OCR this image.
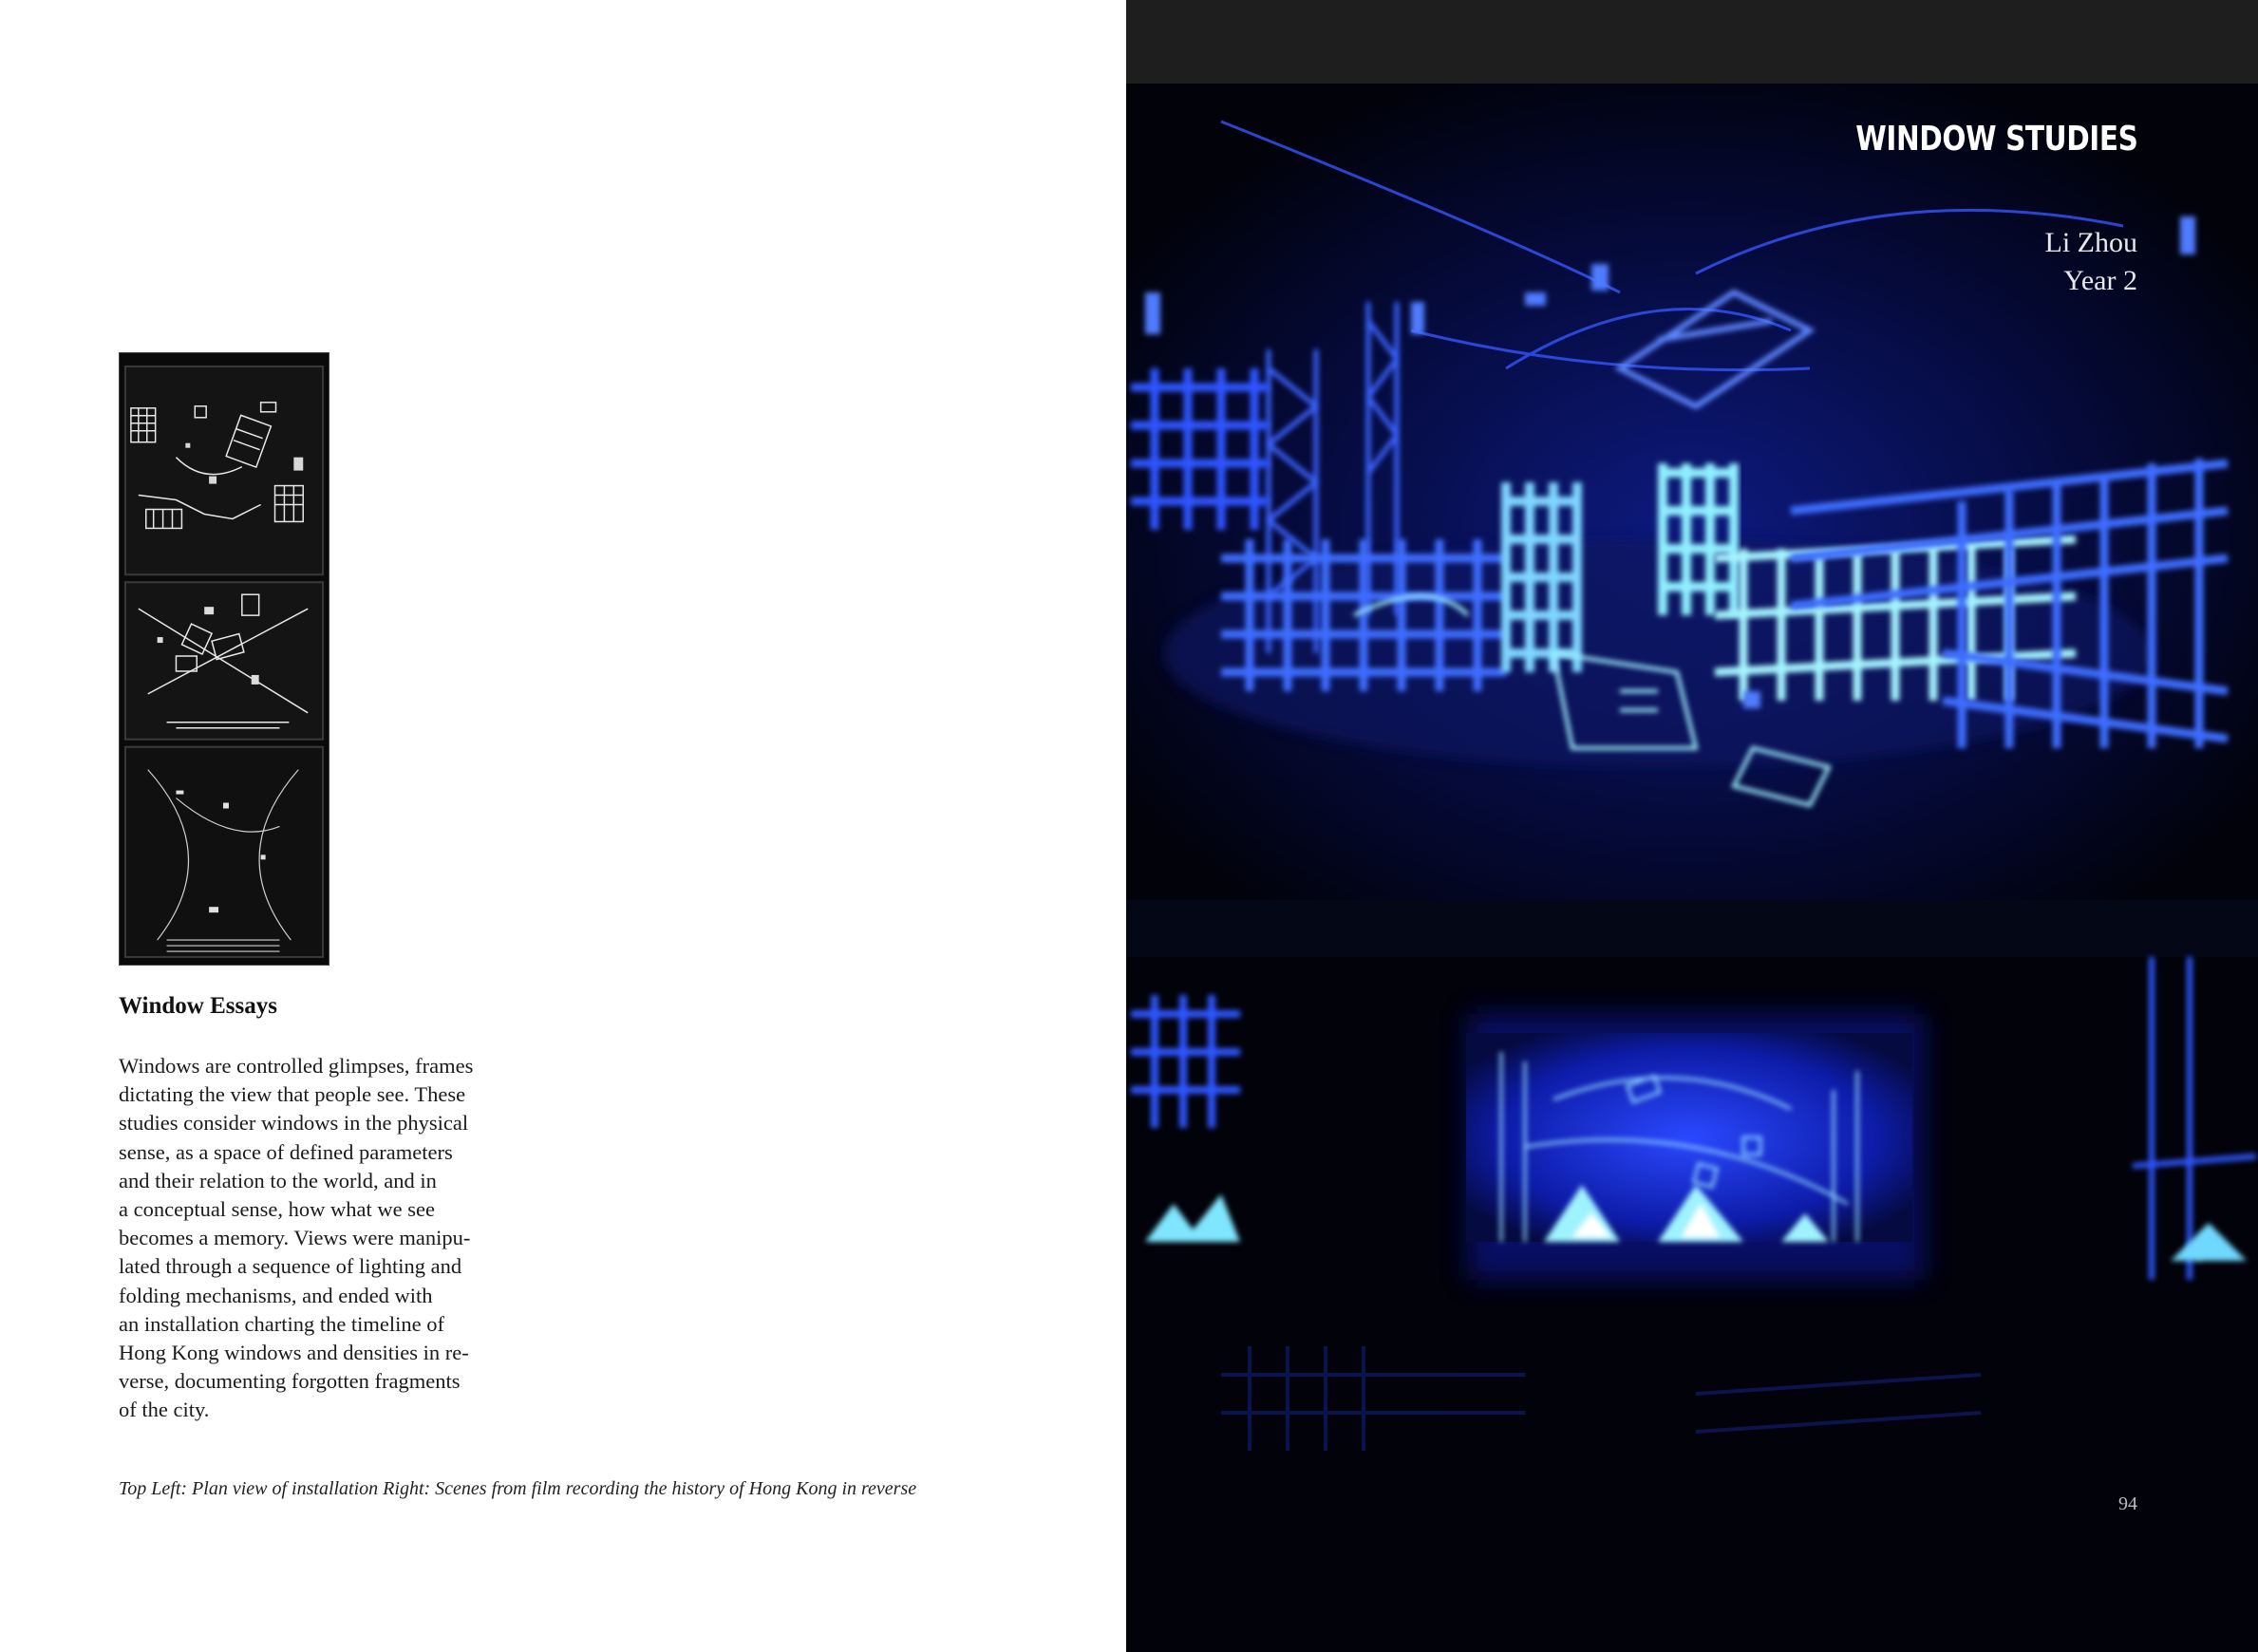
Window Essays

Windows are controlled glimpses, frames
dictating the view that people see. These
studies consider windows in the physical
sense, as a space of defined parameters
and their relation to the world, and in
a conceptual sense, how what we see
becomes a memory. Views were manipu-
lated through a sequence of lighting and
folding mechanisms, and ended with
an installation charting the timeline of
Hong Kong windows and densities in re-
verse, documenting forgotten fragments
of the city.

Top Left: Plan view of installation Right: Scenes from film recording the history of Hong Kong in reverse

WINDOW STUDIES

Li Zhou
Year 2

94
